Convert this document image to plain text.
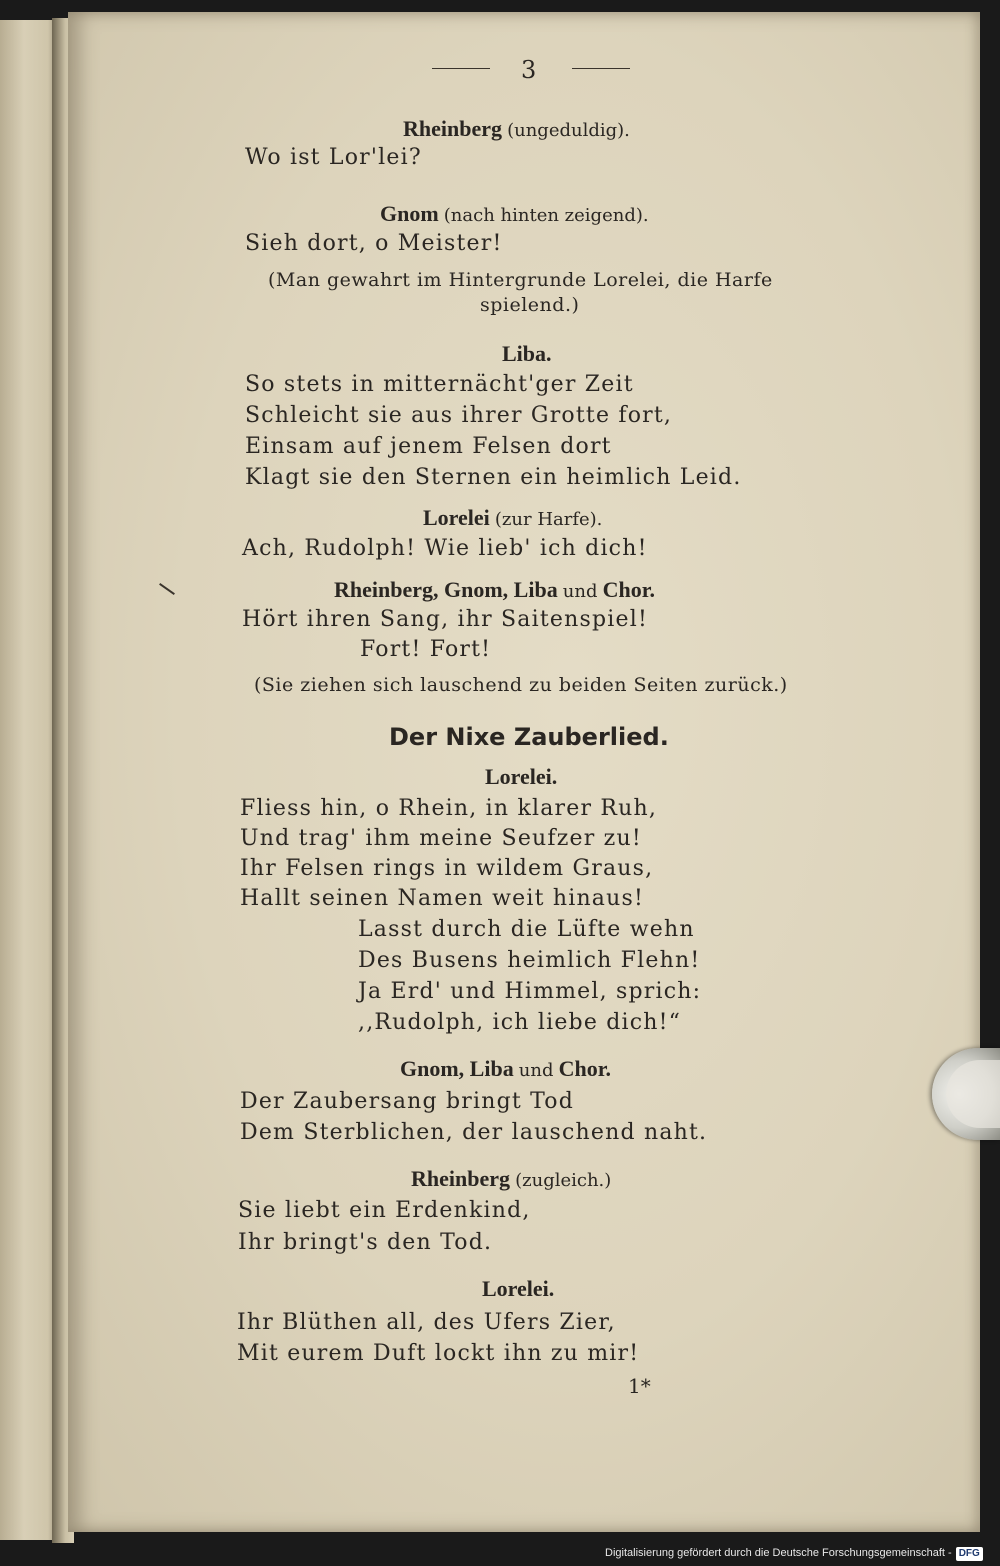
3
Rheinberg (ungeduldig).
Wo ist Lor'lei?
Gnom (nach hinten zeigend).
Sieh dort, o Meister!
(Man gewahrt im Hintergrunde Lorelei, die Harfe
spielend.)
Liba.
So stets in mitternächt'ger Zeit
Schleicht sie aus ihrer Grotte fort,
Einsam auf jenem Felsen dort
Klagt sie den Sternen ein heimlich Leid.
Lorelei (zur Harfe).
Ach, Rudolph! Wie lieb' ich dich!
Rheinberg, Gnom, Liba und Chor.
Hört ihren Sang, ihr Saitenspiel!
Fort! Fort!
(Sie ziehen sich lauschend zu beiden Seiten zurück.)
Der Nixe Zauberlied.
Lorelei.
Fliess hin, o Rhein, in klarer Ruh,
Und trag' ihm meine Seufzer zu!
Ihr Felsen rings in wildem Graus,
Hallt seinen Namen weit hinaus!
Lasst durch die Lüfte wehn
Des Busens heimlich Flehn!
Ja Erd' und Himmel, sprich:
,,Rudolph, ich liebe dich!“
Gnom, Liba und Chor.
Der Zaubersang bringt Tod
Dem Sterblichen, der lauschend naht.
Rheinberg (zugleich.)
Sie liebt ein Erdenkind,
Ihr bringt's den Tod.
Lorelei.
Ihr Blüthen all, des Ufers Zier,
Mit eurem Duft lockt ihn zu mir!
1*
Digitalisierung gefördert durch die Deutsche Forschungsgemeinschaft - DFG
